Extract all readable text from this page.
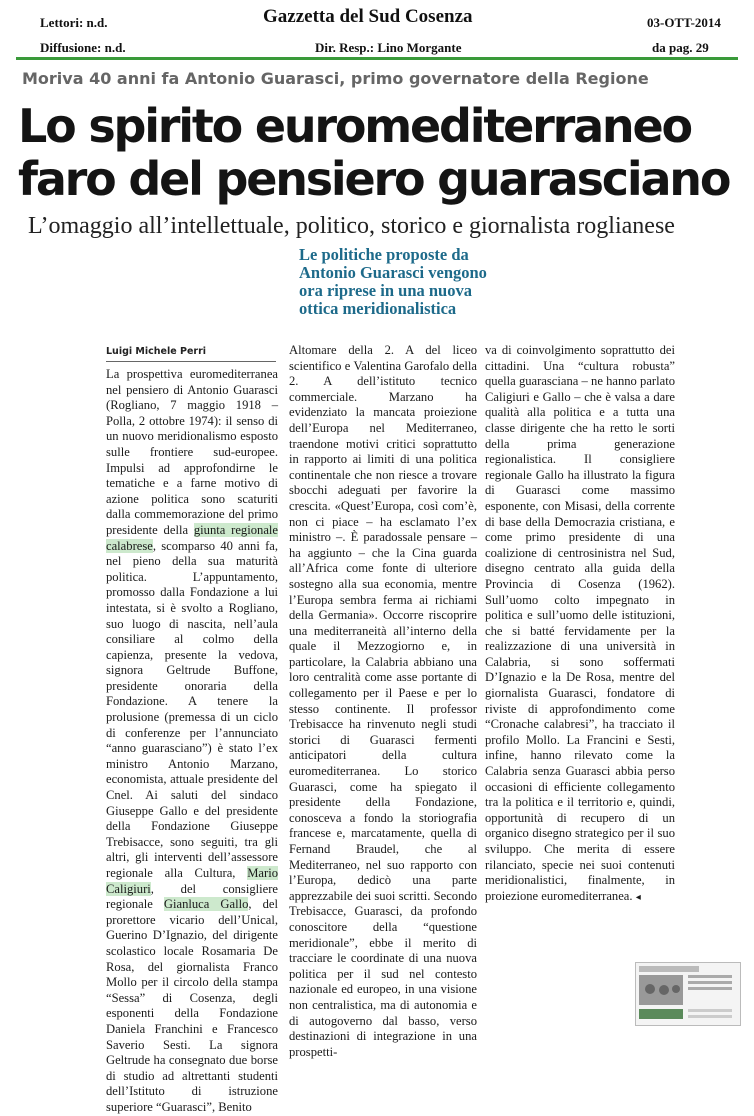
Lettori: n.d.
Diffusione: n.d.
Gazzetta del Sud Cosenza
Dir. Resp.: Lino Morgante
03-OTT-2014
da pag. 29
Moriva 40 anni fa Antonio Guarasci, primo governatore della Regione
Lo spirito euromediterraneo
faro del pensiero guarasciano
L’omaggio all’intellettuale, politico, storico e giornalista roglianese
Le politiche proposte da Antonio Guarasci vengono ora riprese in una nuova ottica meridionalistica
Luigi Michele Perri

La prospettiva euromediterranea nel pensiero di Antonio Guarasci (Rogliano, 7 maggio 1918 – Polla, 2 ottobre 1974): il senso di un nuovo meridionalismo esposto sulle frontiere sud-europee. Impulsi ad approfondirne le tematiche e a farne motivo di azione politica sono scaturiti dalla commemorazione del primo presidente della giunta regionale calabrese, scomparso 40 anni fa, nel pieno della sua maturità politica. L’appuntamento, promosso dalla Fondazione a lui intestata, si è svolto a Rogliano, suo luogo di nascita, nell’aula consiliare al colmo della capienza, presente la vedova, signora Geltrude Buffone, presidente onoraria della Fondazione. A tenere la prolusione (premessa di un ciclo di conferenze per l’annunciato “anno guarasciano”) è stato l’ex ministro Antonio Marzano, economista, attuale presidente del Cnel. Ai saluti del sindaco Giuseppe Gallo e del presidente della Fondazione Giuseppe Trebisacce, sono seguiti, tra gli altri, gli interventi dell’assessore regionale alla Cultura, Mario Caligiuri, del consigliere regionale Gianluca Gallo, del prorettore vicario dell’Unical, Guerino D’Ignazio, del dirigente scolastico locale Rosamaria De Rosa, del giornalista Franco Mollo per il circolo della stampa “Sessa” di Cosenza, degli esponenti della Fondazione Daniela Franchini e Francesco Saverio Sesti. La signora Geltrude ha consegnato due borse di studio ad altrettanti studenti dell’Istituto di istruzione superiore “Guarasci”, Benito

Altomare della 2. A del liceo scientifico e Valentina Garofalo della 2. A dell’istituto tecnico commerciale. Marzano ha evidenziato la mancata proiezione dell’Europa nel Mediterraneo, traendone motivi critici soprattutto in rapporto ai limiti di una politica continentale che non riesce a trovare sbocchi adeguati per favorire la crescita. «Quest’Europa, così com’è, non ci piace – ha esclamato l’ex ministro –. È paradossale pensare – ha aggiunto – che la Cina guarda all’Africa come fonte di ulteriore sostegno alla sua economia, mentre l’Europa sembra ferma ai richiami della Germania». Occorre riscoprire una mediterraneità all’interno della quale il Mezzogiorno e, in particolare, la Calabria abbiano una loro centralità come asse portante di collegamento per il Paese e per lo stesso continente. Il professor Trebisacce ha rinvenuto negli studi storici di Guarasci fermenti anticipatori della cultura euromediterranea. Lo storico Guarasci, come ha spiegato il presidente della Fondazione, conosceva a fondo la storiografia francese e, marcatamente, quella di Fernand Braudel, che al Mediterraneo, nel suo rapporto con l’Europa, dedicò una parte apprezzabile dei suoi scritti. Secondo Trebisacce, Guarasci, da profondo conoscitore della “questione meridionale”, ebbe il merito di tracciare le coordinate di una nuova politica per il sud nel contesto nazionale ed europeo, in una visione non centralistica, ma di autonomia e di autogoverno dal basso, verso destinazioni di integrazione in una prospetti-

va di coinvolgimento soprattutto dei cittadini. Una “cultura robusta” quella guarasciana – ne hanno parlato Caligiuri e Gallo – che è valsa a dare qualità alla politica e a tutta una classe dirigente che ha retto le sorti della prima generazione regionalistica. Il consigliere regionale Gallo ha illustrato la figura di Guarasci come massimo esponente, con Misasi, della corrente di base della Democrazia cristiana, e come primo presidente di una coalizione di centrosinistra nel Sud, disegno centrato alla guida della Provincia di Cosenza (1962). Sull’uomo colto impegnato in politica e sull’uomo delle istituzioni, che si batté fervidamente per la realizzazione di una università in Calabria, si sono soffermati D’Ignazio e la De Rosa, mentre del giornalista Guarasci, fondatore di riviste di approfondimento come “Cronache calabresi”, ha tracciato il profilo Mollo. La Francini e Sesti, infine, hanno rilevato come la Calabria senza Guarasci abbia perso occasioni di efficiente collegamento tra la politica e il territorio e, quindi, opportunità di recupero di un organico disegno strategico per il suo sviluppo. Che merita di essere rilanciato, specie nei suoi contenuti meridionalistici, finalmente, in proiezione euromediterranea. ◂
